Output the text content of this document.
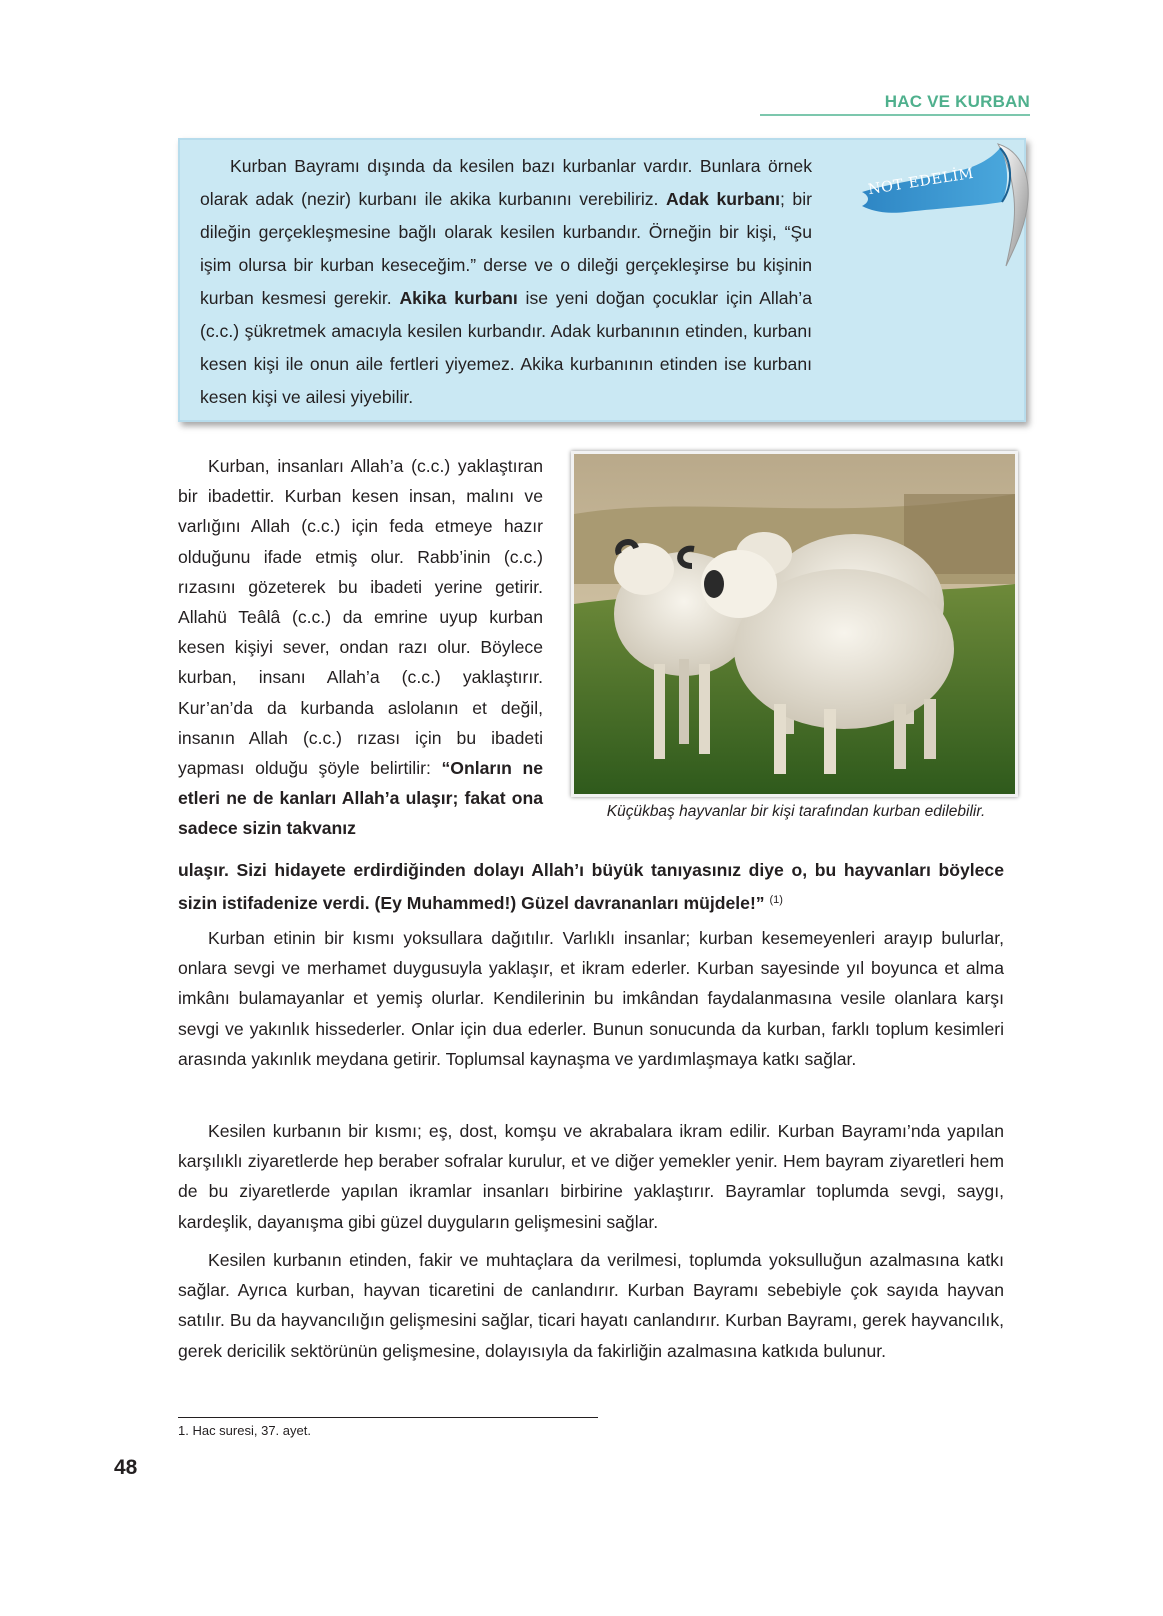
HAC VE KURBAN

Kurban Bayramı dışında da kesilen bazı kurbanlar vardır. Bunlara örnek olarak adak (nezir) kurbanı ile akika kurbanını verebiliriz. Adak kurbanı; bir dileğin gerçekleşmesine bağlı olarak kesilen kurbandır. Örneğin bir kişi, “Şu işim olursa bir kurban keseceğim.” derse ve o dileği gerçekleşirse bu kişinin kurban kesmesi gerekir. Akika kurbanı ise yeni doğan çocuklar için Allah’a (c.c.) şükretmek amacıyla kesilen kurbandır. Adak kurbanının etinden, kurbanı kesen kişi ile onun aile fertleri yiyemez. Akika kurbanının etinden ise kurbanı kesen kişi ve ailesi yiyebilir.

NOT EDELİM
Küçükbaş hayvanlar bir kişi tarafından kurban edilebilir.

Kurban, insanları Allah’a (c.c.) yaklaştıran bir ibadettir. Kurban kesen insan, malını ve varlığını Allah (c.c.) için feda etmeye hazır olduğunu ifade etmiş olur. Rabb’inin (c.c.) rızasını gözeterek bu ibadeti yerine getirir. Allahü Teâlâ (c.c.) da emrine uyup kurban kesen kişiyi sever, ondan razı olur. Böylece kurban, insanı Allah’a (c.c.) yaklaştırır. Kur’an’da da kurbanda aslolanın et değil, insanın Allah (c.c.) rızası için bu ibadeti yapması olduğu şöyle belirtilir: “Onların ne etleri ne de kanları Allah’a ulaşır; fakat ona sadece sizin takvanız

ulaşır. Sizi hidayete erdirdiğinden dolayı Allah’ı büyük tanıyasınız diye o, bu hayvanları böylece sizin istifadenize verdi. (Ey Muhammed!) Güzel davrananları müjdele!” $^{(1)}$

Kurban etinin bir kısmı yoksullara dağıtılır. Varlıklı insanlar; kurban kesemeyenleri arayıp bulurlar, onlara sevgi ve merhamet duygusuyla yaklaşır, et ikram ederler. Kurban sayesinde yıl boyunca et alma imkânı bulamayanlar et yemiş olurlar. Kendilerinin bu imkândan faydalanmasına vesile olanlara karşı sevgi ve yakınlık hissederler. Onlar için dua ederler. Bunun sonucunda da kurban, farklı toplum kesimleri arasında yakınlık meydana getirir. Toplumsal kaynaşma ve yardımlaşmaya katkı sağlar.

Kesilen kurbanın bir kısmı; eş, dost, komşu ve akrabalara ikram edilir. Kurban Bayramı’nda yapılan karşılıklı ziyaretlerde hep beraber sofralar kurulur, et ve diğer yemekler yenir. Hem bayram ziyaretleri hem de bu ziyaretlerde yapılan ikramlar insanları birbirine yaklaştırır. Bayramlar toplumda sevgi, saygı, kardeşlik, dayanışma gibi güzel duyguların gelişmesini sağlar.

Kesilen kurbanın etinden, fakir ve muhtaçlara da verilmesi, toplumda yoksulluğun azalmasına katkı sağlar. Ayrıca kurban, hayvan ticaretini de canlandırır. Kurban Bayramı sebebiyle çok sayıda hayvan satılır. Bu da hayvancılığın gelişmesini sağlar, ticari hayatı canlandırır. Kurban Bayramı, gerek hayvancılık, gerek dericilik sektörünün gelişmesine, dolayısıyla da fakirliğin azalmasına katkıda bulunur.

1. Hac suresi, 37. ayet.
48
